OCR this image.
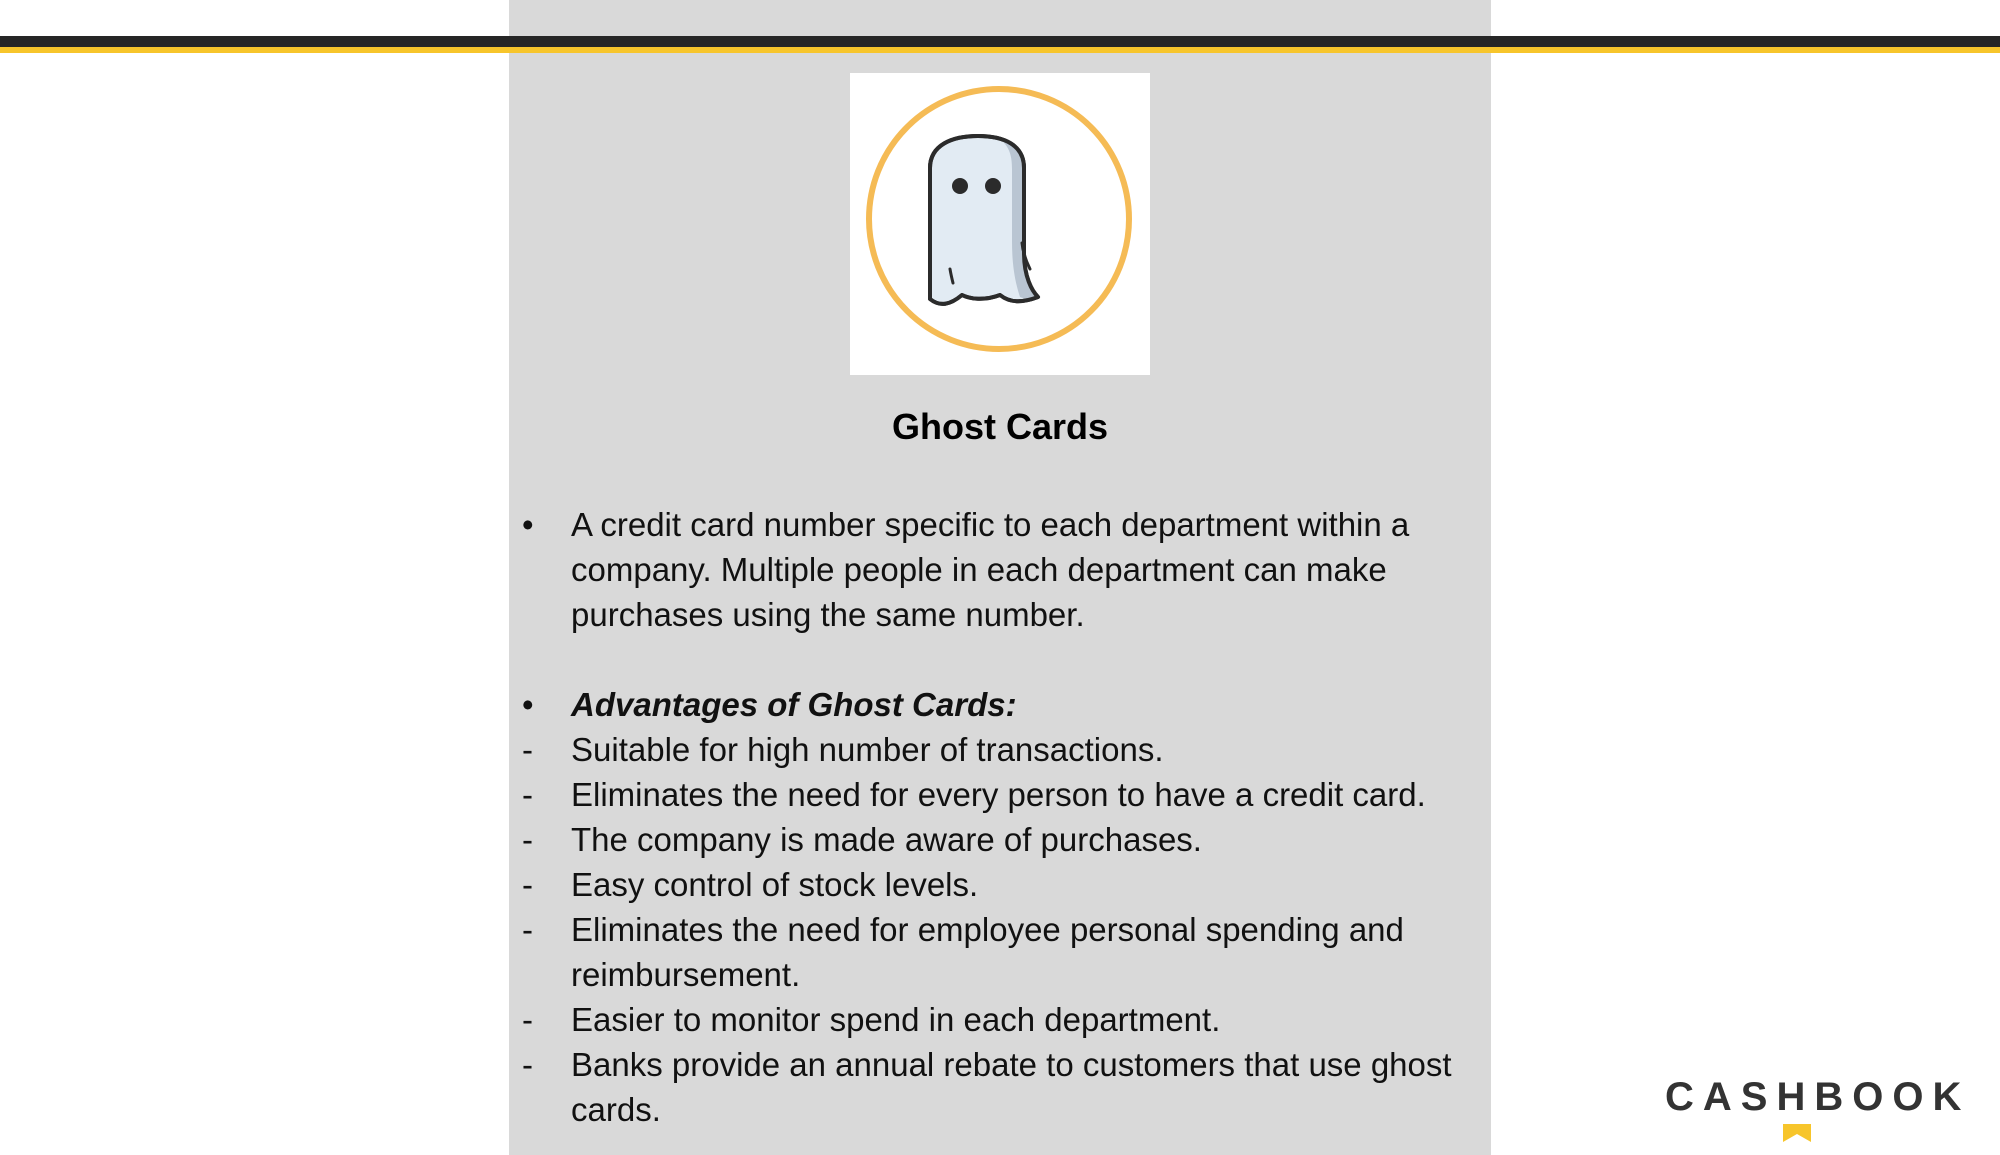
Ghost Cards
•	A credit card number specific to each department within a company. Multiple people in each department can make purchases using the same number.
•	Advantages of Ghost Cards:
-	Suitable for high number of transactions.
-	Eliminates the need for every person to have a credit card.
-	The company is made aware of purchases.
-	Easy control of stock levels.
-	Eliminates the need for employee personal spending and reimbursement.
-	Easier to monitor spend in each department.
-	Banks provide an annual rebate to customers that use ghost cards.	CASHBOOK
